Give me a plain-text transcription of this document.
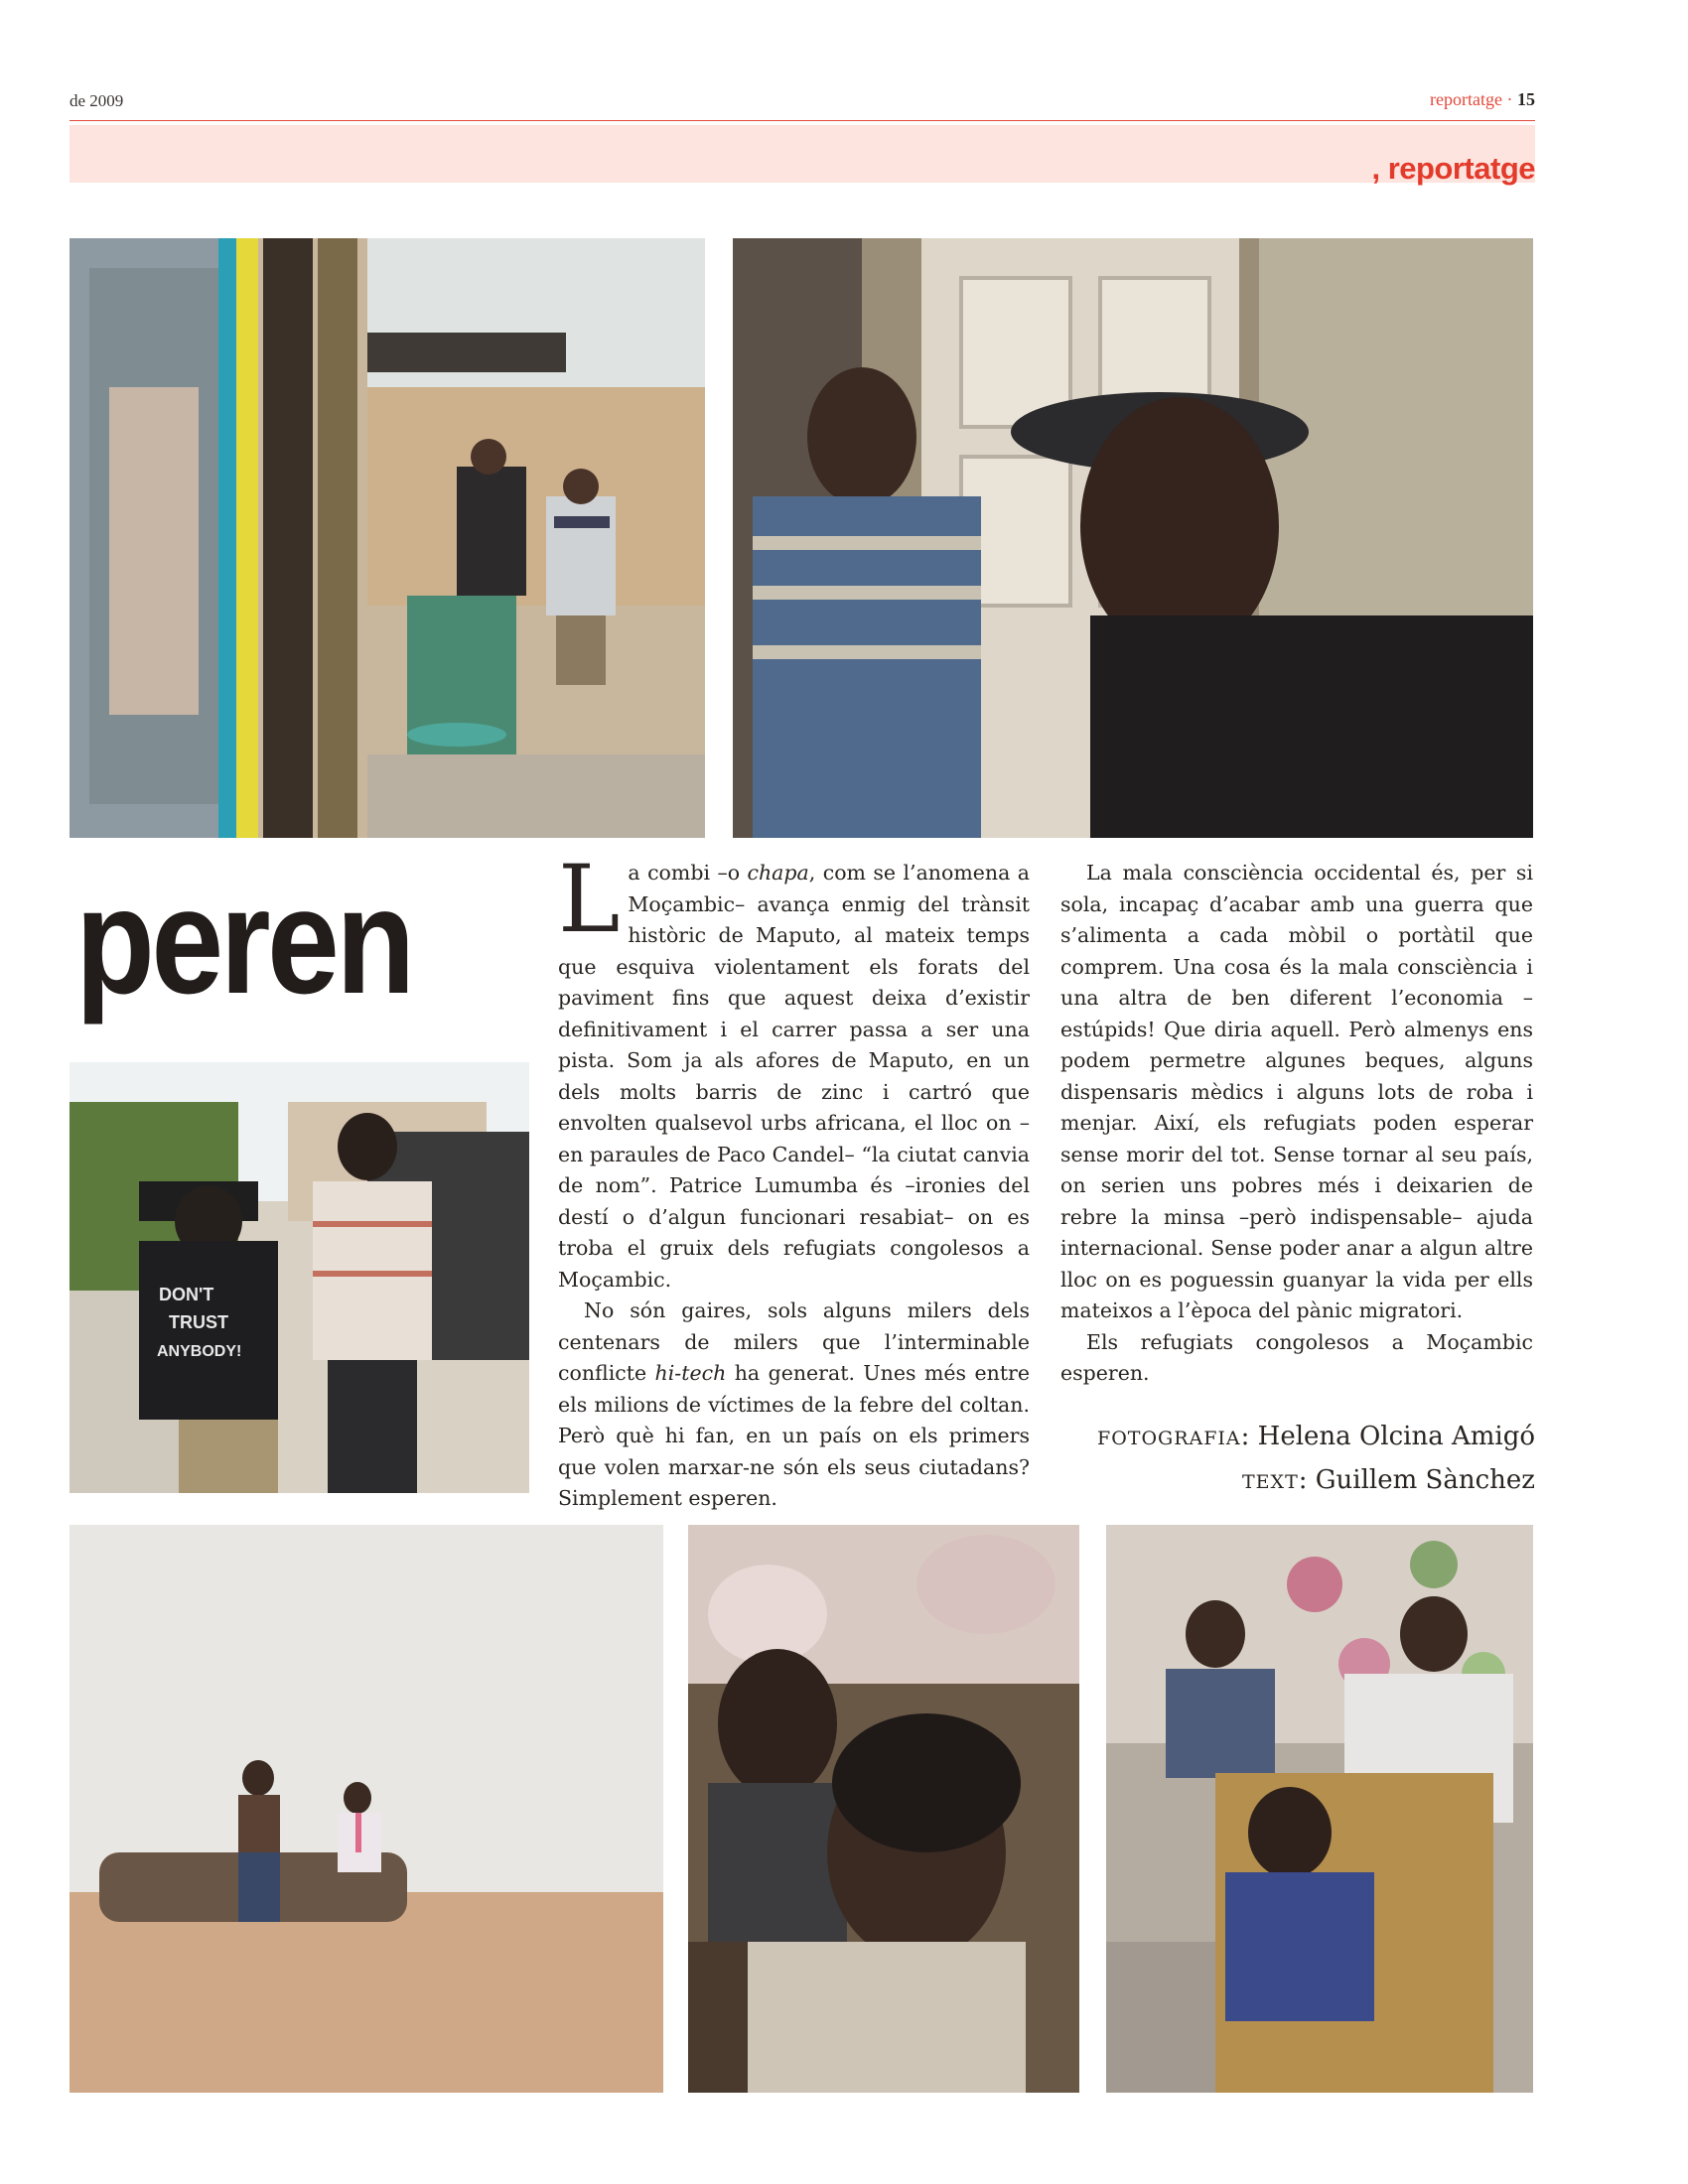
de 2009	reportatge · 15
, reportatge
peren
DON'T
TRUST
ANYBODY!

La combi –o chapa, com se l’anomena a Moçambic– avança enmig del trànsit històric de Maputo, al mateix temps que esquiva violentament els forats del paviment fins que aquest deixa d’existir definitivament i el carrer passa a ser una pista. Som ja als afores de Maputo, en un dels molts barris de zinc i cartró que envolten qualsevol urbs africana, el lloc on –en paraules de Paco Candel– “la ciutat canvia de nom”. Patrice Lumumba és –ironies del destí o d’algun funcionari resabiat– on es troba el gruix dels refugiats congolesos a Moçambic.

No són gaires, sols alguns milers dels centenars de milers que l’interminable conflicte hi-tech ha generat. Unes més entre els milions de víctimes de la febre del coltan. Però què hi fan, en un país on els primers que volen marxar-ne són els seus ciutadans? Simplement esperen.

La mala consciència occidental és, per si sola, incapaç d’acabar amb una guerra que s’alimenta a cada mòbil o portàtil que comprem. Una cosa és la mala consciència i una altra de ben diferent l’economia –estúpids! Que diria aquell. Però almenys ens podem permetre algunes beques, alguns dispensaris mèdics i alguns lots de roba i menjar. Així, els refugiats poden esperar sense morir del tot. Sense tornar al seu país, on serien uns pobres més i deixarien de rebre la minsa –però indispensable– ajuda internacional. Sense poder anar a algun altre lloc on es poguessin guanyar la vida per ells mateixos a l’època del pànic migratori.

Els refugiats congolesos a Moçambic esperen.

FOTOGRAFIA: Helena Olcina Amigó
TEXT: Guillem Sànchez
